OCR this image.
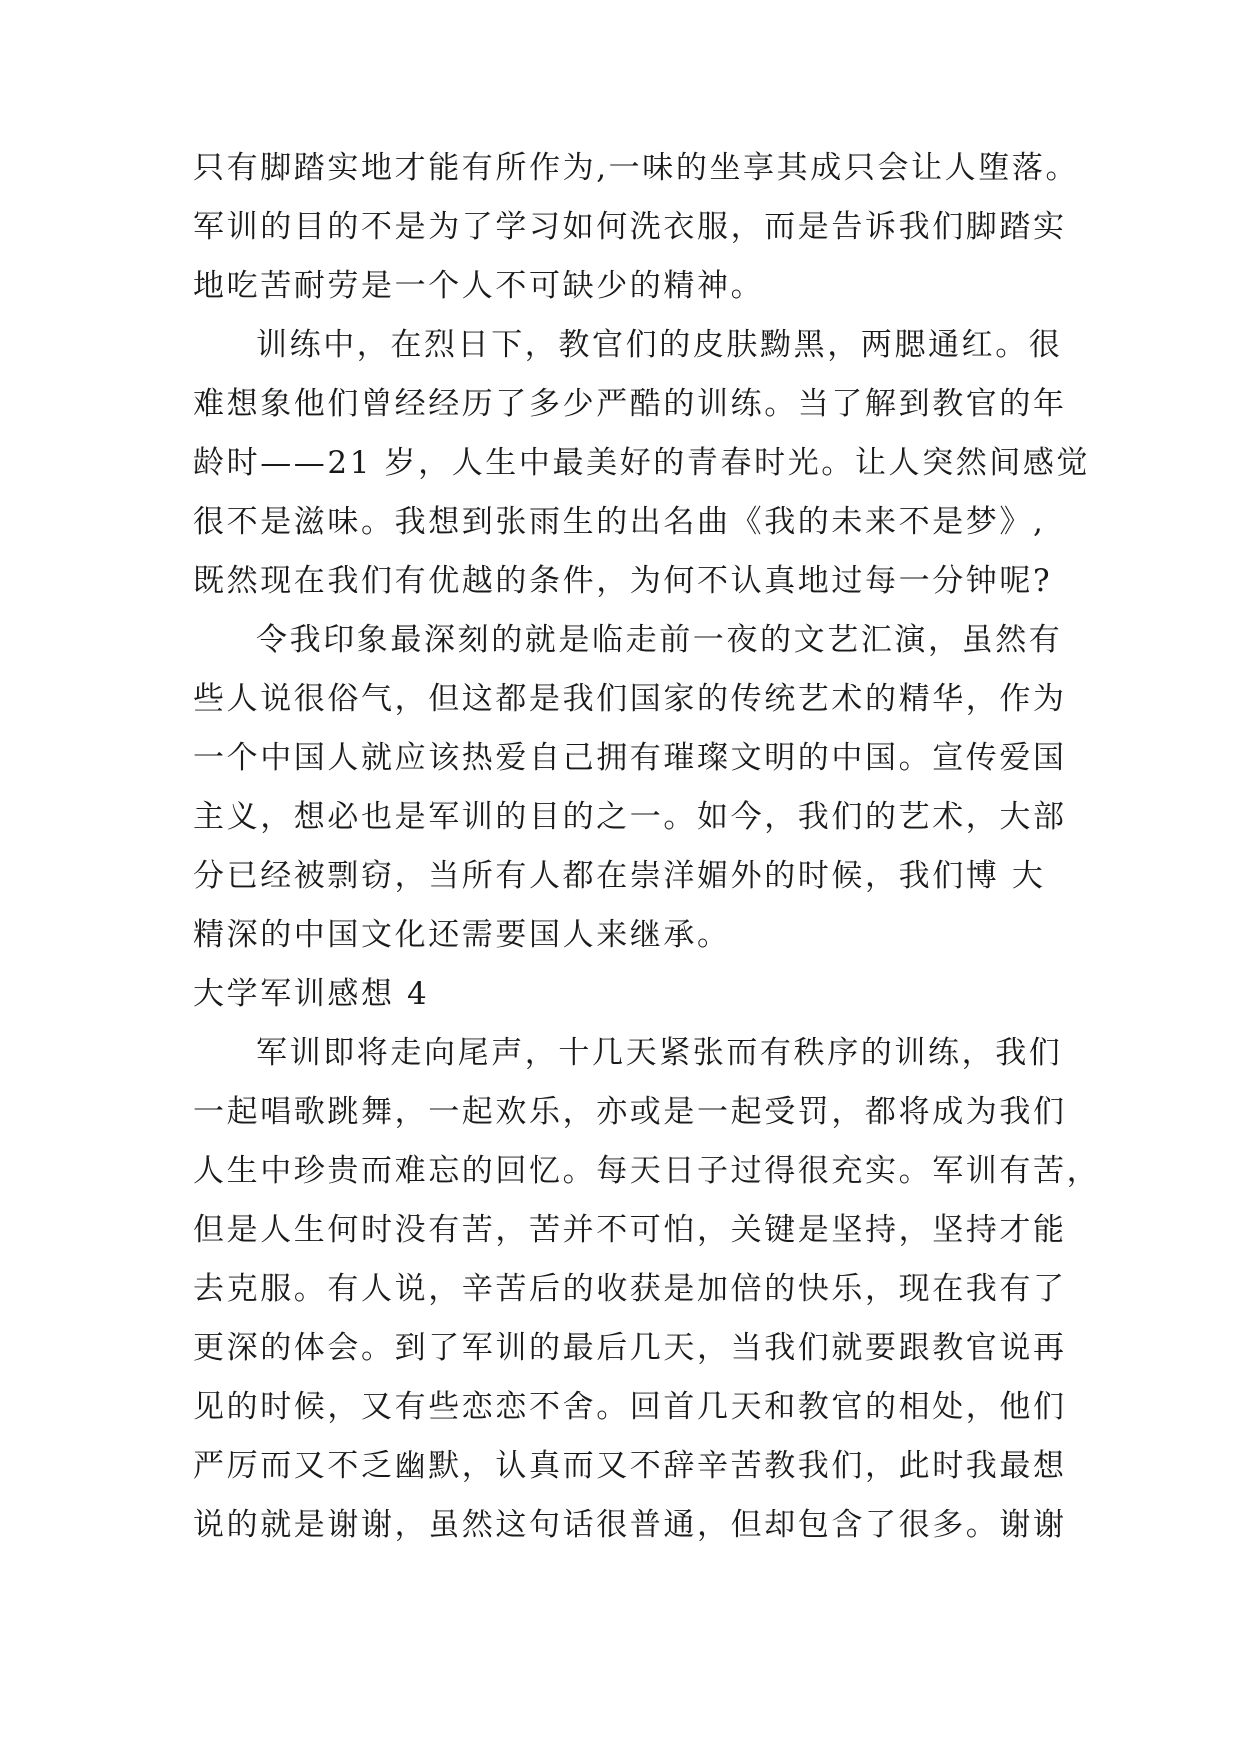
只有脚踏实地才能有所作为,一味的坐享其成只会让人堕落。
军训的目的不是为了学习如何洗衣服，而是告诉我们脚踏实
地吃苦耐劳是一个人不可缺少的精神。
训练中，在烈日下，教官们的皮肤黝黑，两腮通红。很
难想象他们曾经经历了多少严酷的训练。当了解到教官的年
龄时——21 岁，人生中最美好的青春时光。让人突然间感觉
很不是滋味。我想到张雨生的出名曲《我的未来不是梦》,
既然现在我们有优越的条件，为何不认真地过每一分钟呢?
令我印象最深刻的就是临走前一夜的文艺汇演，虽然有
些人说很俗气，但这都是我们国家的传统艺术的精华，作为
一个中国人就应该热爱自己拥有璀璨文明的中国。宣传爱国
主义，想必也是军训的目的之一。如今，我们的艺术，大部
分已经被剽窃，当所有人都在崇洋媚外的时候，我们博 大
精深的中国文化还需要国人来继承。
大学军训感想 4
军训即将走向尾声，十几天紧张而有秩序的训练，我们
一起唱歌跳舞，一起欢乐，亦或是一起受罚，都将成为我们
人生中珍贵而难忘的回忆。每天日子过得很充实。军训有苦，
但是人生何时没有苦，苦并不可怕，关键是坚持，坚持才能
去克服。有人说，辛苦后的收获是加倍的快乐，现在我有了
更深的体会。到了军训的最后几天，当我们就要跟教官说再
见的时候，又有些恋恋不舍。回首几天和教官的相处，他们
严厉而又不乏幽默，认真而又不辞辛苦教我们，此时我最想
说的就是谢谢，虽然这句话很普通，但却包含了很多。谢谢
